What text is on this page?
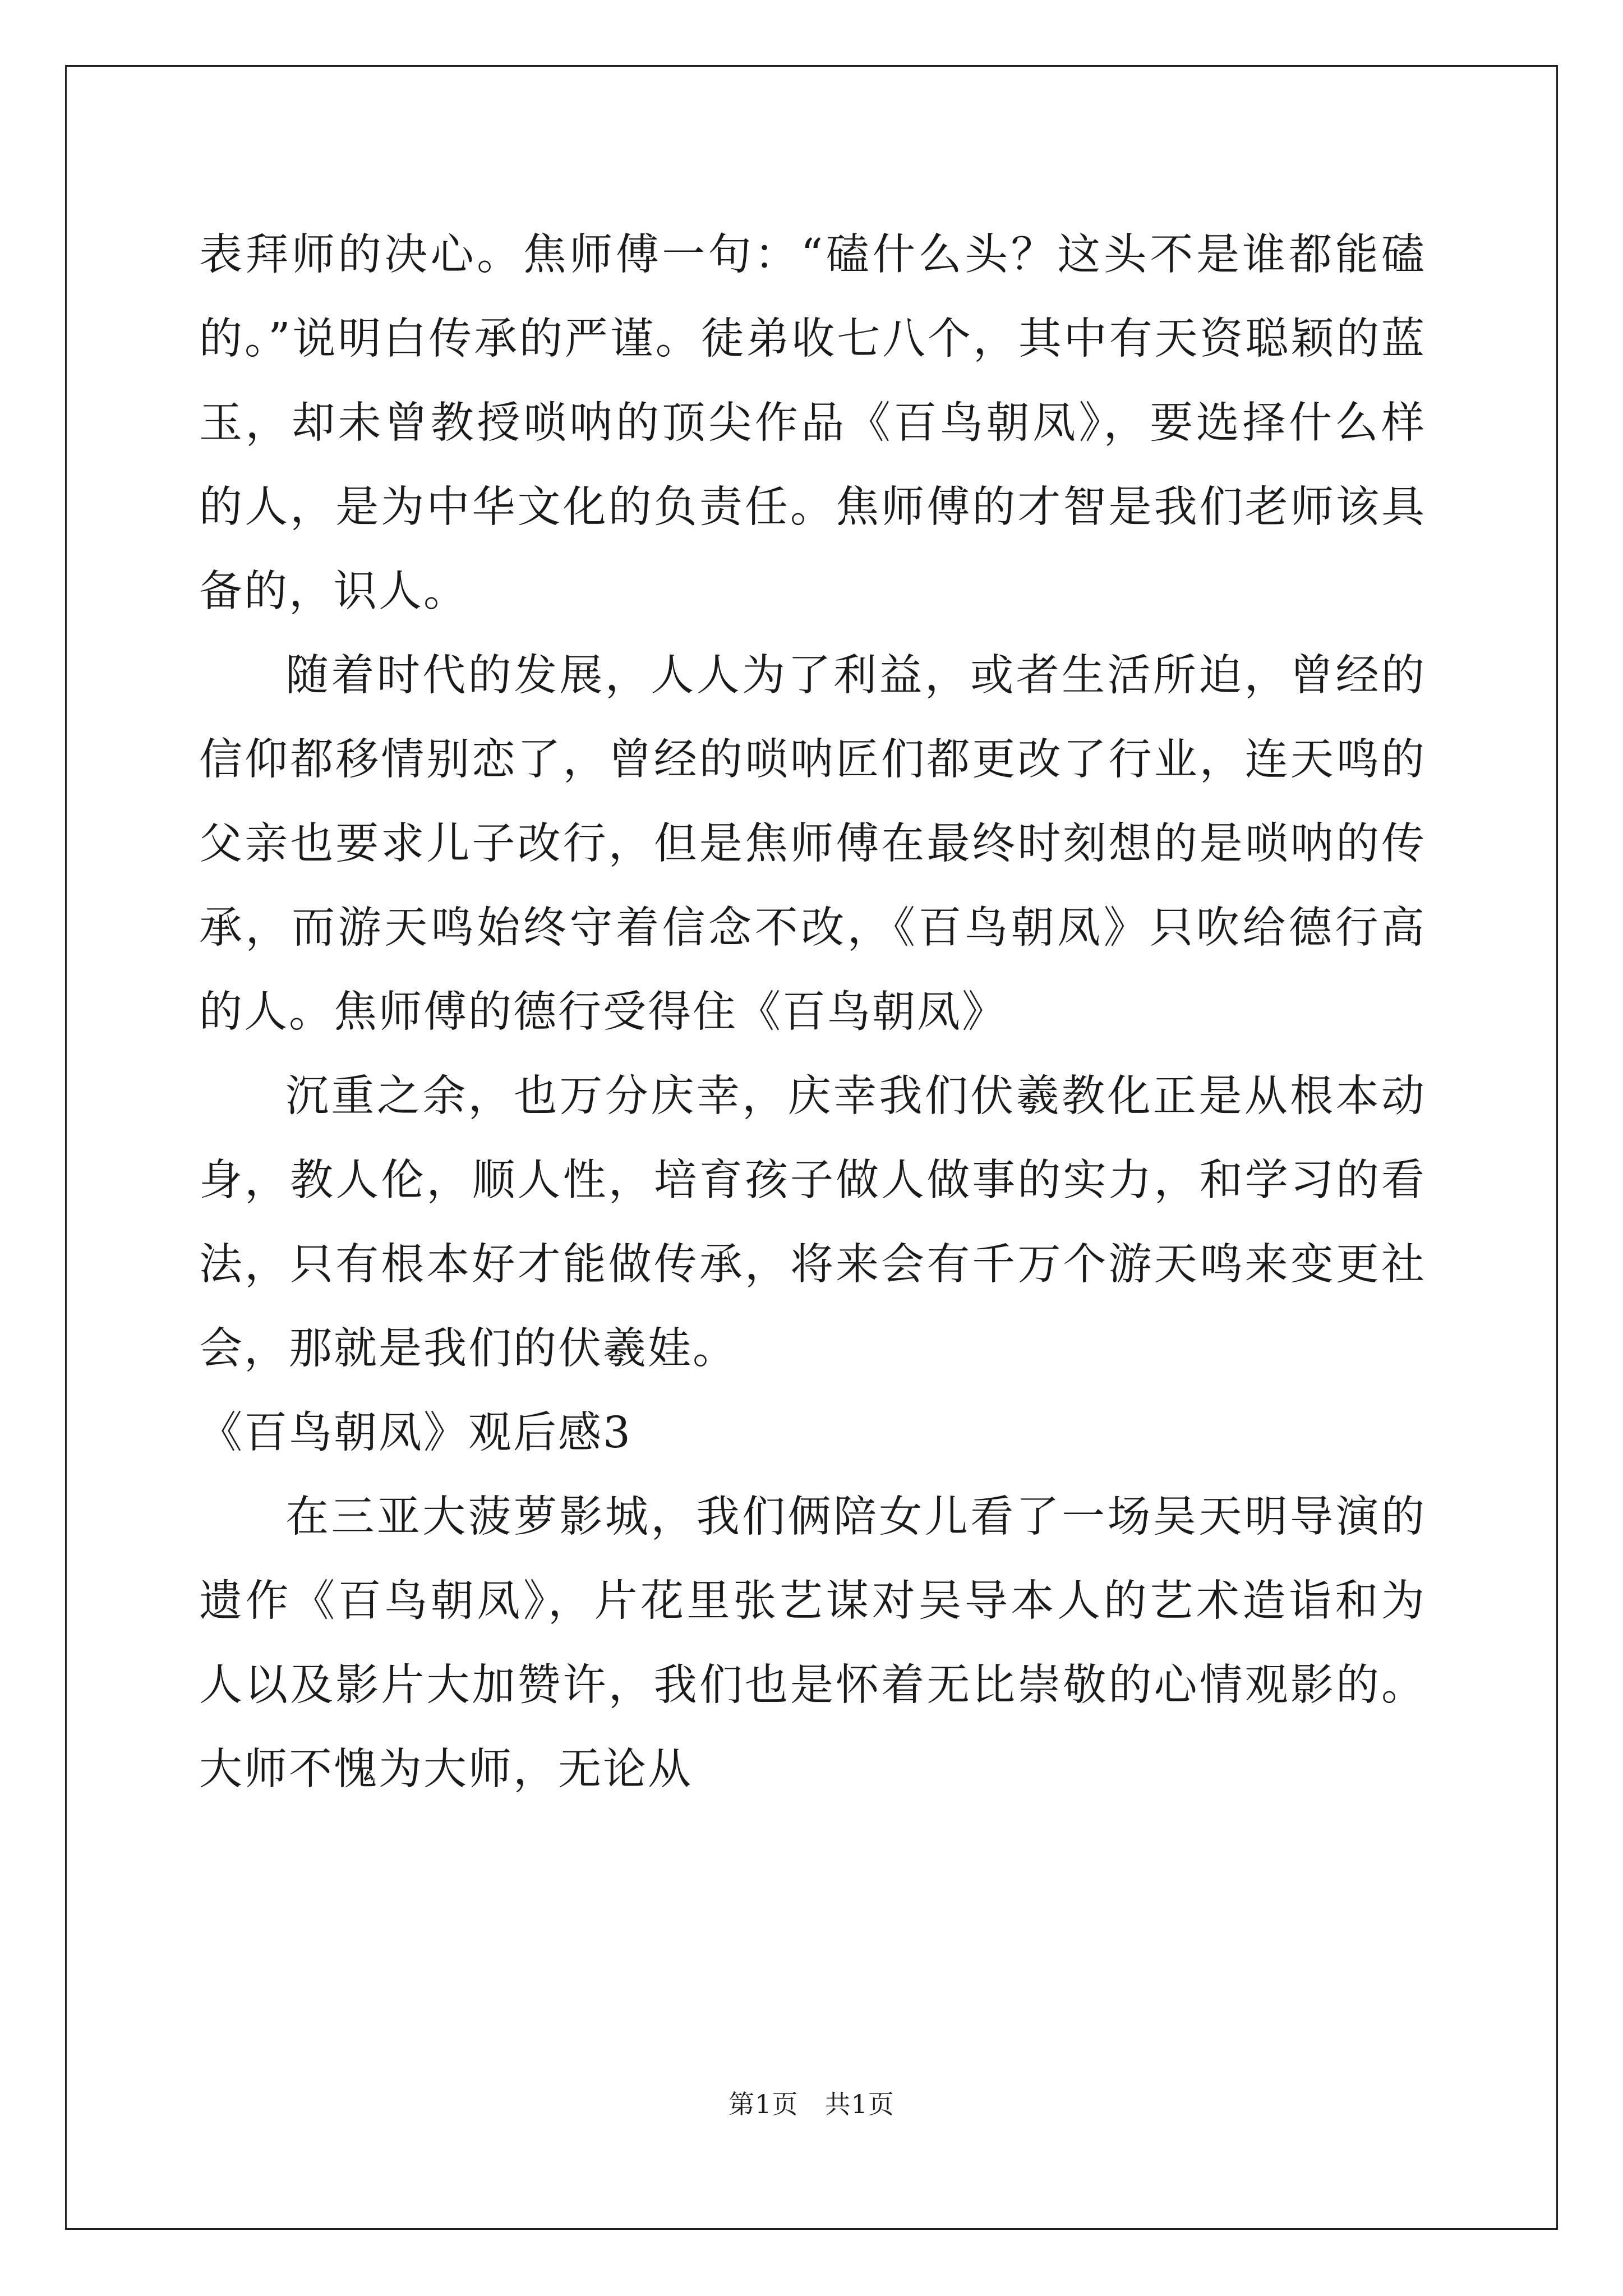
表拜师的决心。焦师傅一句：“磕什么头？这头不是谁都能磕的。”说明白传承的严谨。徒弟收七八个，其中有天资聪颖的蓝玉，却未曾教授唢呐的顶尖作品《百鸟朝凤》，要选择什么样的人，是为中华文化的负责任。焦师傅的才智是我们老师该具备的，识人。

随着时代的发展，人人为了利益，或者生活所迫，曾经的信仰都移情别恋了，曾经的唢呐匠们都更改了行业，连天鸣的父亲也要求儿子改行，但是焦师傅在最终时刻想的是唢呐的传承，而游天鸣始终守着信念不改，《百鸟朝凤》只吹给德行高的人。焦师傅的德行受得住《百鸟朝凤》

沉重之余，也万分庆幸，庆幸我们伏羲教化正是从根本动身，教人伦，顺人性，培育孩子做人做事的实力，和学习的看法，只有根本好才能做传承，将来会有千万个游天鸣来变更社会，那就是我们的伏羲娃。

《百鸟朝凤》观后感3

在三亚大菠萝影城，我们俩陪女儿看了一场吴天明导演的遗作《百鸟朝凤》，片花里张艺谋对吴导本人的艺术造诣和为人以及影片大加赞许，我们也是怀着无比崇敬的心情观影的。大师不愧为大师，无论从

第1页 共1页
